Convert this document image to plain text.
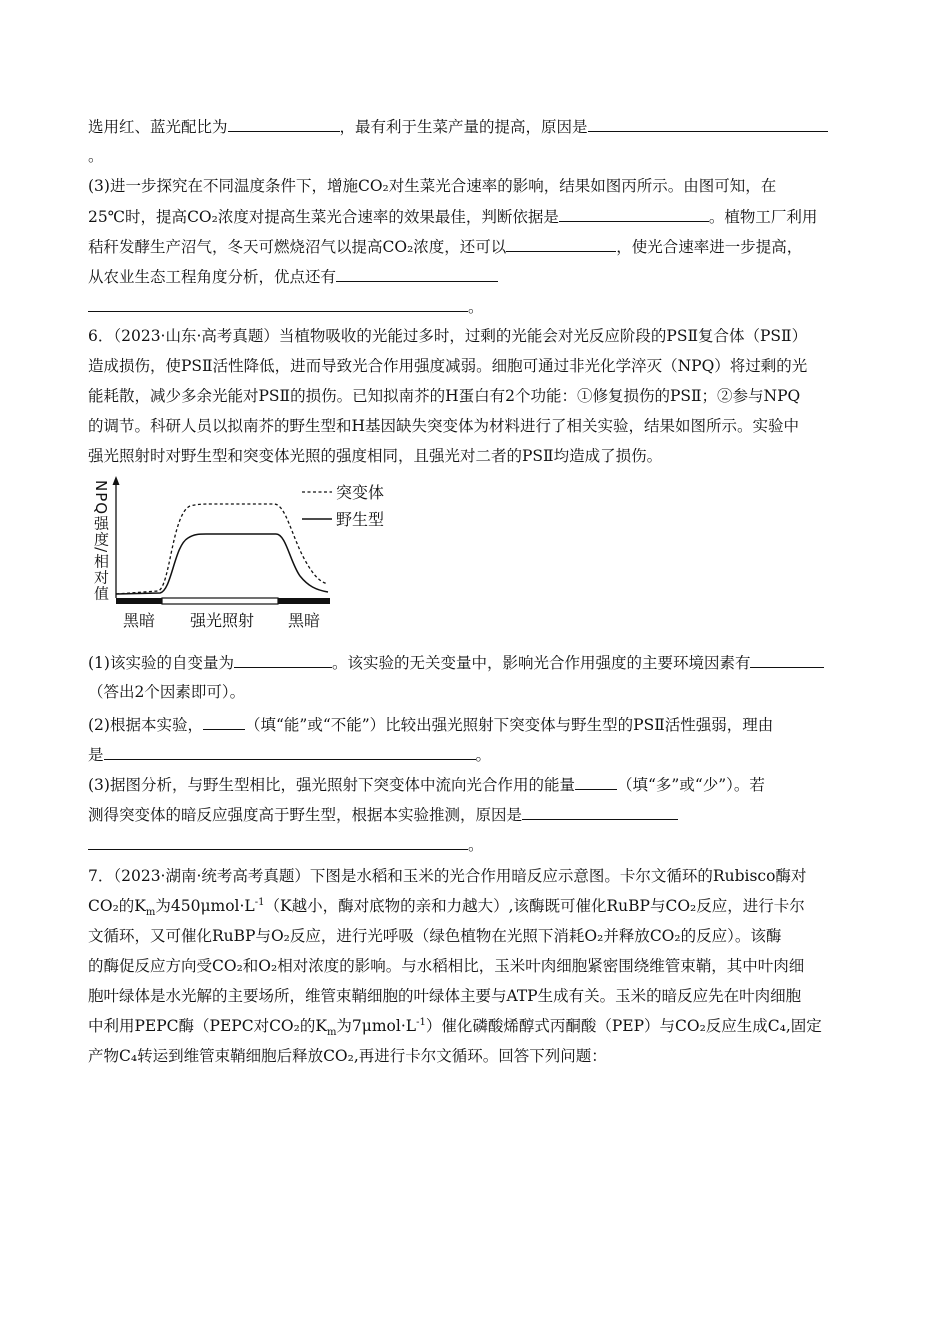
选用红、蓝光配比为	，最有利于生菜产量的提高，原因是
。
(3)进一步探究在不同温度条件下，增施CO₂对生菜光合速率的影响，结果如图丙所示。由图可知，在
25℃时，提高CO₂浓度对提高生菜光合速率的效果最佳，判断依据是	。植物工厂利用
秸秆发酵生产沼气，冬天可燃烧沼气以提高CO₂浓度，还可以	，使光合速率进一步提高，
从农业生态工程角度分析，优点还有
。
6．（2023·山东·高考真题）当植物吸收的光能过多时，过剩的光能会对光反应阶段的PSⅡ复合体（PSⅡ）
造成损伤，使PSⅡ活性降低，进而导致光合作用强度减弱。细胞可通过非光化学淬灭（NPQ）将过剩的光
能耗散，减少多余光能对PSⅡ的损伤。已知拟南芥的H蛋白有2个功能：①修复损伤的PSⅡ；②参与NPQ
的调节。科研人员以拟南芥的野生型和H基因缺失突变体为材料进行了相关实验，结果如图所示。实验中
强光照射时对野生型和突变体光照的强度相同，且强光对二者的PSⅡ均造成了损伤。
NPQ强度/相对值	突变体
野生型
黑暗 强光照射 黑暗
(1)该实验的自变量为	。该实验的无关变量中，影响光合作用强度的主要环境因素有
（答出2个因素即可）。
(2)根据本实验，	（填“能”或“不能”）比较出强光照射下突变体与野生型的PSⅡ活性强弱，理由
是	。
(3)据图分析，与野生型相比，强光照射下突变体中流向光合作用的能量	（填“多”或“少”）。若
测得突变体的暗反应强度高于野生型，根据本实验推测，原因是
。
7．（2023·湖南·统考高考真题）下图是水稻和玉米的光合作用暗反应示意图。卡尔文循环的Rubisco酶对
CO₂的$K_m$为$450\mu mol\cdot L^{-1}(K$越小，酶对底物的亲和力越大）,该酶既可催化RuBP与CO₂反应，进行卡尔
文循环，又可催化RuBP与O₂反应，进行光呼吸（绿色植物在光照下消耗O₂并释放CO₂的反应）。该酶
的酶促反应方向受CO₂和O₂相对浓度的影响。与水稻相比，玉米叶肉细胞紧密围绕维管束鞘，其中叶肉细
胞叶绿体是水光解的主要场所，维管束鞘细胞的叶绿体主要与ATP生成有关。玉米的暗反应先在叶肉细胞
中利用PEPC酶（PEPC对CO₂的$K_m$为$7\mu mol\cdot L^{-1}$）催化磷酸烯醇式丙酮酸（PEP）与CO₂反应生成C₄,固定
产物C₄转运到维管束鞘细胞后释放CO₂,再进行卡尔文循环。回答下列问题：
